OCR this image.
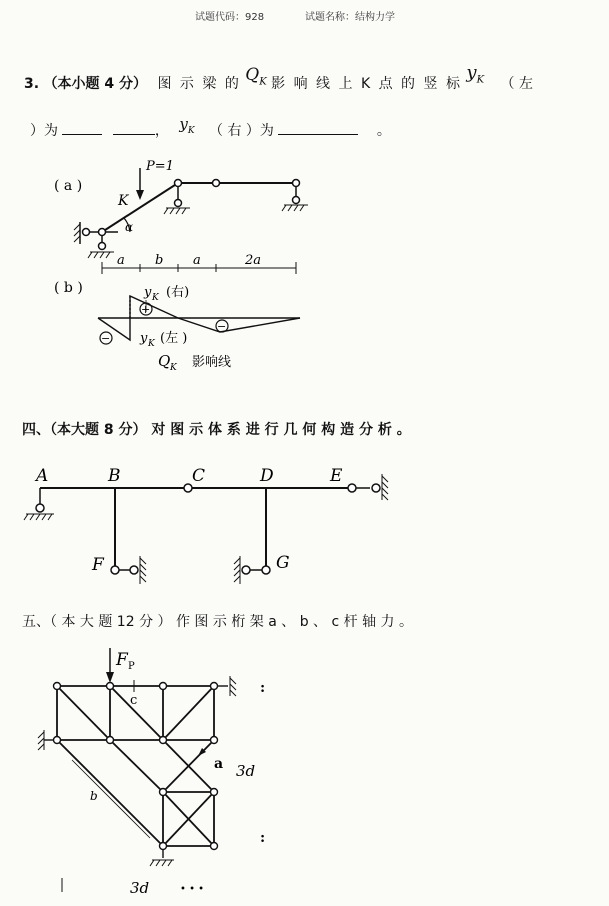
试题代码：928	试题名称：结构力学
3. （本小题 4 分） 图 示 梁 的 $Q_K$ 影 响 线 上 K 点 的 竖 标 $y_K$ （ 左
）为	， $y_K$ （ 右 ）为	。
( a )
P=1
K
α
a b a	2a
( b )
+
−
−
y K (右)
y K (左 )
Q K 影响线
四、（本大题 8 分） 对 图 示 体 系 进 行 几 何 构 造 分 析 。
A	B	C	D	E
F	G
五、（ 本 大 题 12 分 ） 作 图 示 桁 架 a 、 b 、 c 杆 轴 力 。
F P
c
a
b
3d
3d
:
:
• • •
